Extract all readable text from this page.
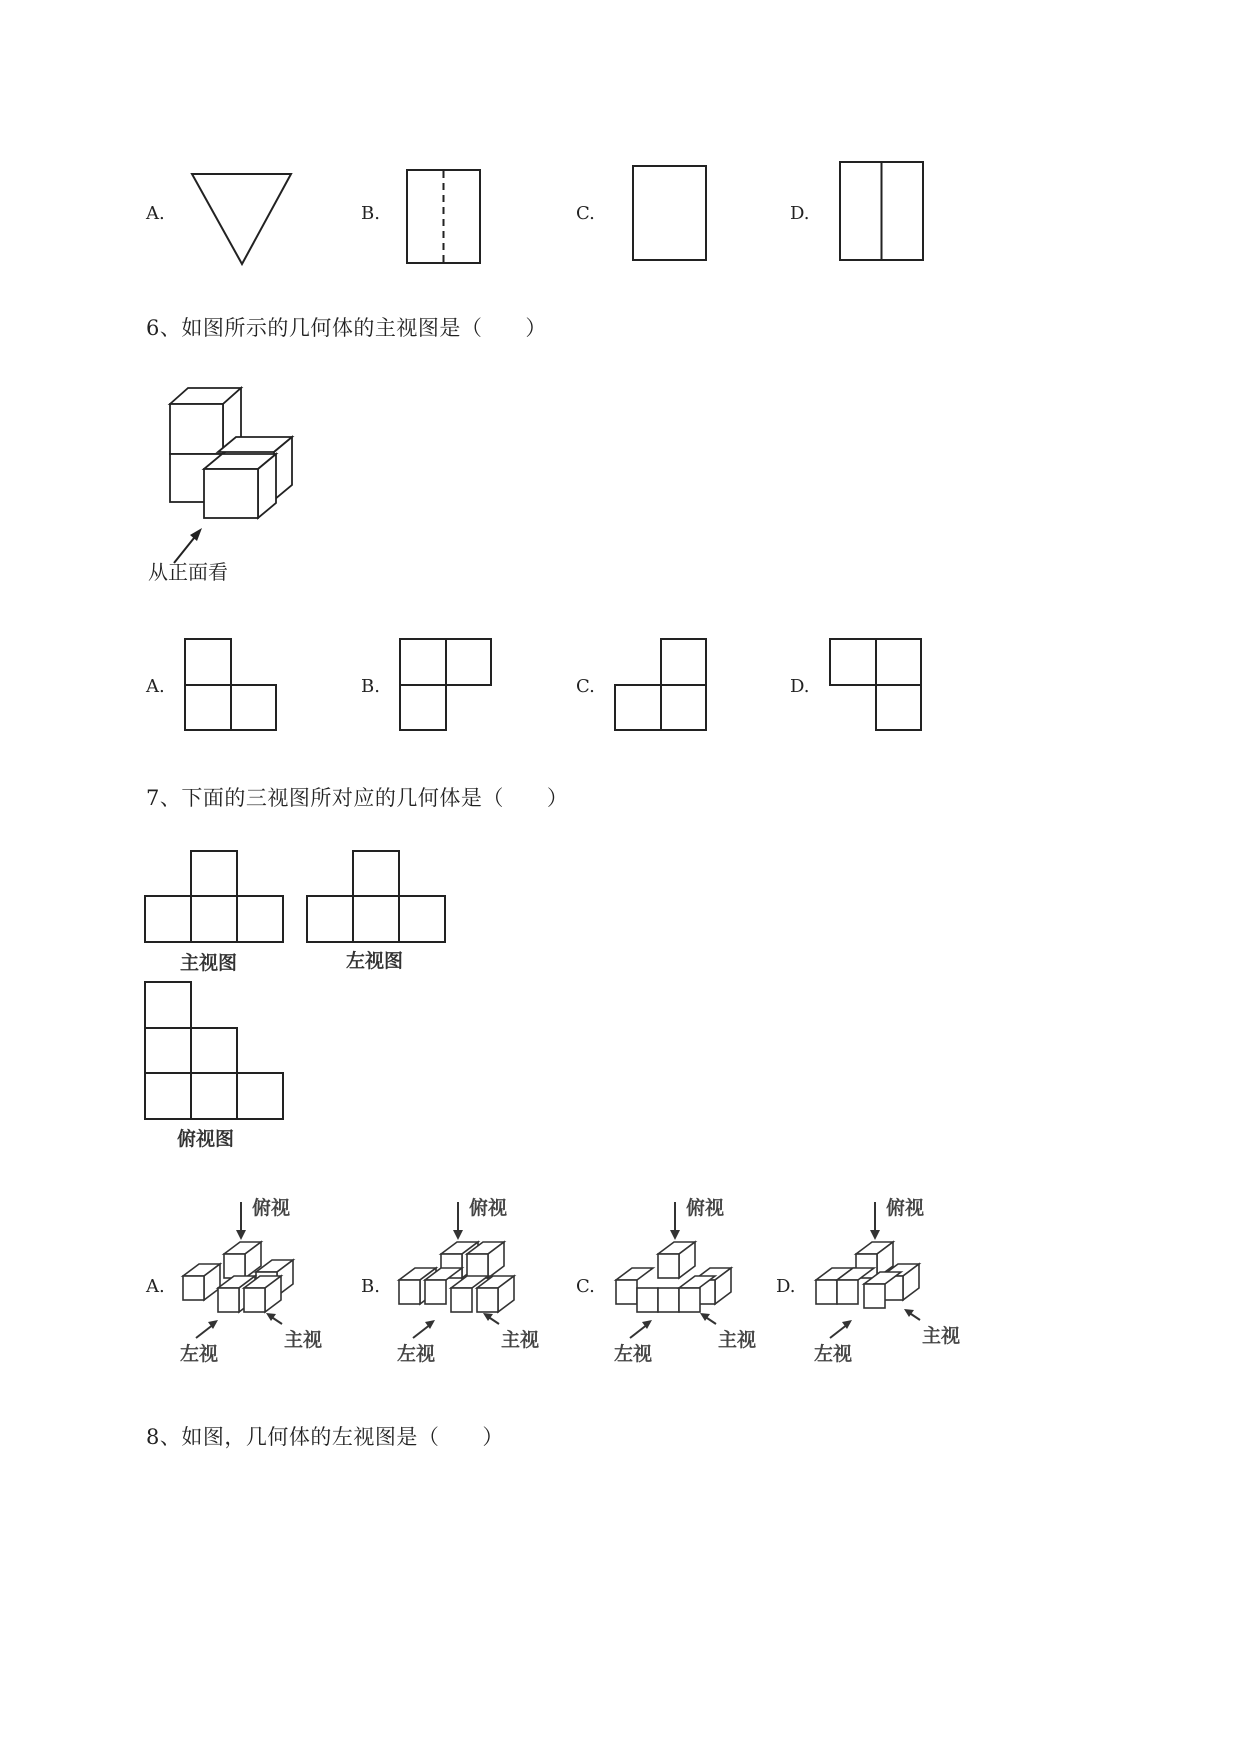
A.	B.	C.	D.
6、如图所示的几何体的主视图是（　　）
从正面看
A.	B.	C.	D.
7、下面的三视图所对应的几何体是（　　）
主视图	左视图
俯视图
A.
俯视
左视
主视
B.
俯视
左视
主视
C.
俯视
左视
主视
D.
俯视
左视
主视
8、如图，几何体的左视图是（　　）
